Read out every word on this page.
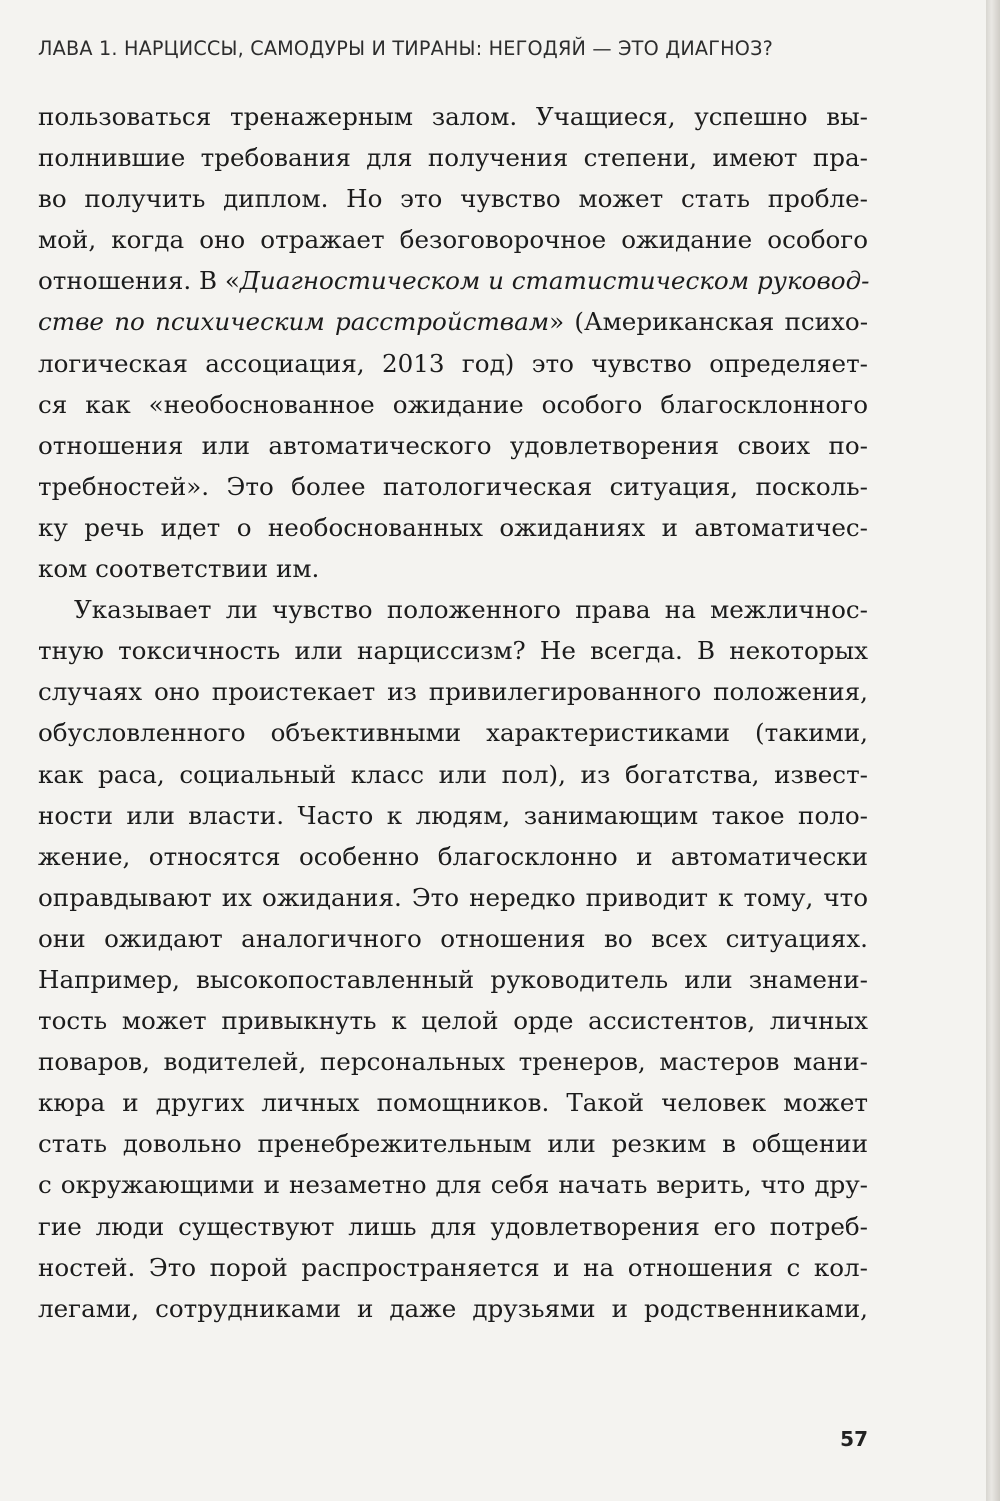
ЛАВА 1. НАРЦИССЫ, САМОДУРЫ И ТИРАНЫ: НЕГОДЯЙ — ЭТО ДИАГНОЗ?
пользоваться тренажерным залом. Учащиеся, успешно вы-
полнившие требования для получения степени, имеют пра-
во получить диплом. Но это чувство может стать пробле-
мой, когда оно отражает безоговорочное ожидание особого
отношения. В «Диагностическом и статистическом руковод-
стве по психическим расстройствам» (Американская психо-
логическая ассоциация, 2013 год) это чувство определяет-
ся как «необоснованное ожидание особого благосклонного
отношения или автоматического удовлетворения своих по-
требностей». Это более патологическая ситуация, посколь-
ку речь идет о необоснованных ожиданиях и автоматичес-
ком соответствии им.
Указывает ли чувство положенного права на межличнос-
тную токсичность или нарциссизм? Не всегда. В некоторых
случаях оно проистекает из привилегированного положения,
обусловленного объективными характеристиками (такими,
как раса, социальный класс или пол), из богатства, извест-
ности или власти. Часто к людям, занимающим такое поло-
жение, относятся особенно благосклонно и автоматически
оправдывают их ожидания. Это нередко приводит к тому, что
они ожидают аналогичного отношения во всех ситуациях.
Например, высокопоставленный руководитель или знамени-
тость может привыкнуть к целой орде ассистентов, личных
поваров, водителей, персональных тренеров, мастеров мани-
кюра и других личных помощников. Такой человек может
стать довольно пренебрежительным или резким в общении
с окружающими и незаметно для себя начать верить, что дру-
гие люди существуют лишь для удовлетворения его потреб-
ностей. Это порой распространяется и на отношения с кол-
легами, сотрудниками и даже друзьями и родственниками,
57
